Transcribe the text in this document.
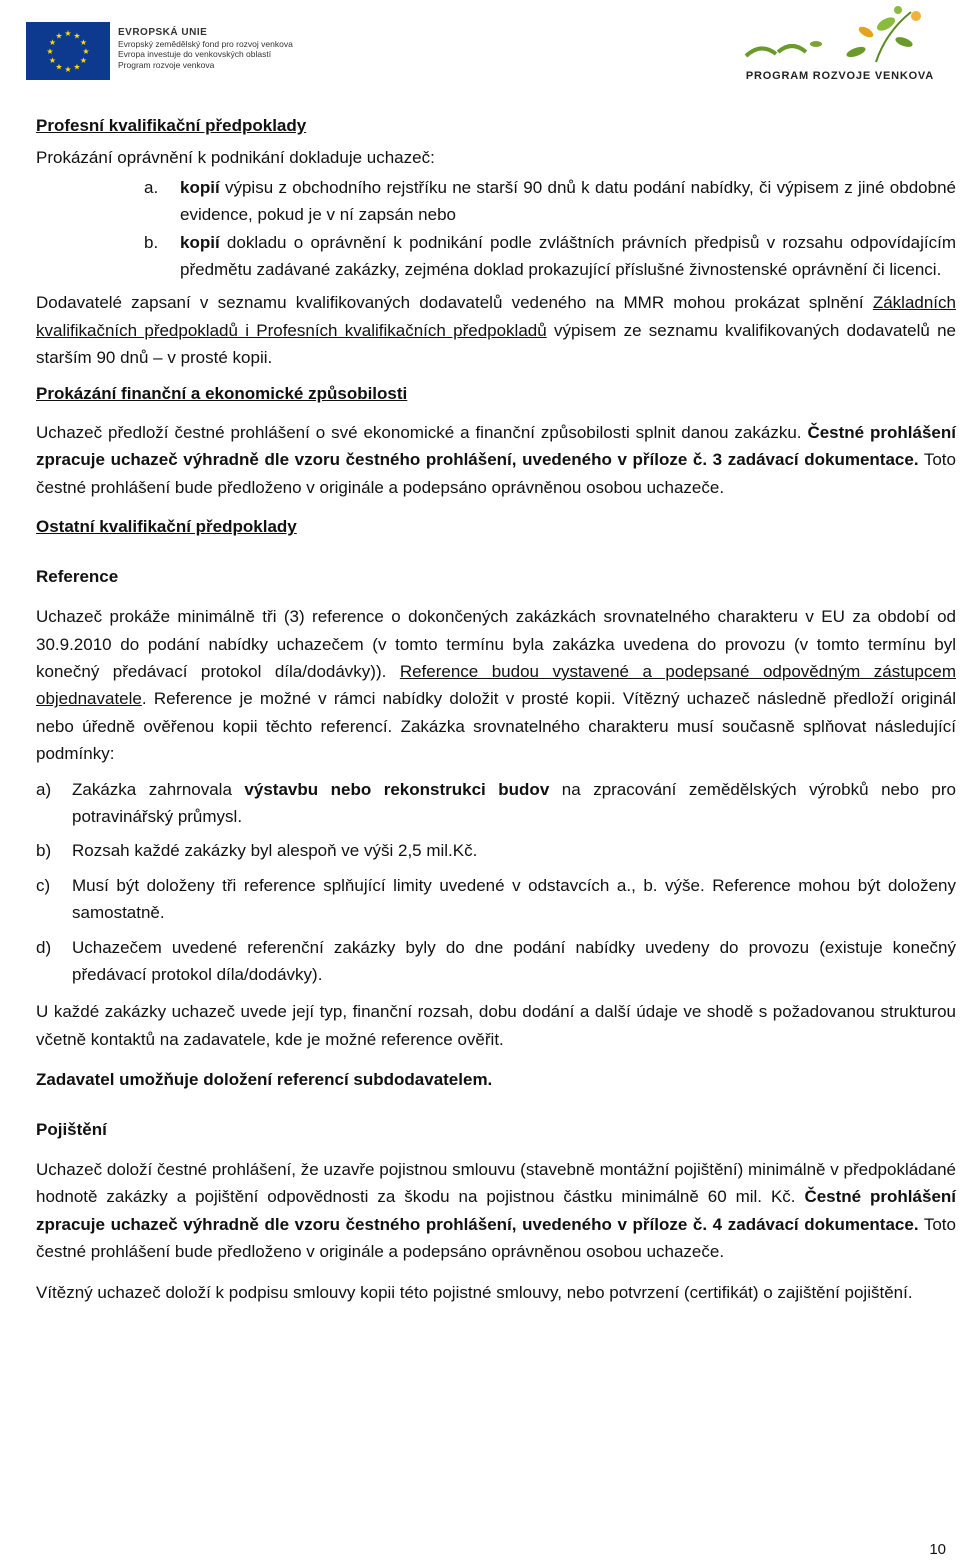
★ ★
★
★
★
★
★
★
★
★
★
★	EVROPSKÁ UNIE
Evropský zemědělský fond pro rozvoj venkova
Evropa investuje do venkovských oblastí
Program rozvoje venkova
PROGRAM ROZVOJE VENKOVA

Profesní kvalifikační předpoklady

Prokázání oprávnění k podnikání dokladuje uchazeč:

a. kopií výpisu z obchodního rejstříku ne starší 90 dnů k datu podání nabídky, či výpisem z jiné obdobné evidence, pokud je v ní zapsán nebo
b. kopií dokladu o oprávnění k podnikání podle zvláštních právních předpisů v rozsahu odpovídajícím předmětu zadávané zakázky, zejména doklad prokazující příslušné živnostenské oprávnění či licenci.

Dodavatelé zapsaní v seznamu kvalifikovaných dodavatelů vedeného na MMR mohou prokázat splnění Základních kvalifikačních předpokladů i Profesních kvalifikačních předpokladů výpisem ze seznamu kvalifikovaných dodavatelů ne starším 90 dnů – v prosté kopii.

Prokázání finanční a ekonomické způsobilosti

Uchazeč předloží čestné prohlášení o své ekonomické a finanční způsobilosti splnit danou zakázku. Čestné prohlášení zpracuje uchazeč výhradně dle vzoru čestného prohlášení, uvedeného v příloze č. 3 zadávací dokumentace. Toto čestné prohlášení bude předloženo v originále a podepsáno oprávněnou osobou uchazeče.

Ostatní kvalifikační předpoklady

Reference

Uchazeč prokáže minimálně tři (3) reference o dokončených zakázkách srovnatelného charakteru v EU za období od 30.9.2010 do podání nabídky uchazečem (v tomto termínu byla zakázka uvedena do provozu (v tomto termínu byl konečný předávací protokol díla/dodávky)). Reference budou vystavené a podepsané odpovědným zástupcem objednavatele. Reference je možné v rámci nabídky doložit v prosté kopii. Vítězný uchazeč následně předloží originál nebo úředně ověřenou kopii těchto referencí. Zakázka srovnatelného charakteru musí současně splňovat následující podmínky:

a) Zakázka zahrnovala výstavbu nebo rekonstrukci budov na zpracování zemědělských výrobků nebo pro potravinářský průmysl.
b) Rozsah každé zakázky byl alespoň ve výši 2,5 mil.Kč.
c) Musí být doloženy tři reference splňující limity uvedené v odstavcích a., b. výše. Reference mohou být doloženy samostatně.
d) Uchazečem uvedené referenční zakázky byly do dne podání nabídky uvedeny do provozu (existuje konečný předávací protokol díla/dodávky).

U každé zakázky uchazeč uvede její typ, finanční rozsah, dobu dodání a další údaje ve shodě s požadovanou strukturou včetně kontaktů na zadavatele, kde je možné reference ověřit.

Zadavatel umožňuje doložení referencí subdodavatelem.

Pojištění

Uchazeč doloží čestné prohlášení, že uzavře pojistnou smlouvu (stavebně montážní pojištění) minimálně v předpokládané hodnotě zakázky a pojištění odpovědnosti za škodu na pojistnou částku minimálně 60 mil. Kč. Čestné prohlášení zpracuje uchazeč výhradně dle vzoru čestného prohlášení, uvedeného v příloze č. 4 zadávací dokumentace. Toto čestné prohlášení bude předloženo v originále a podepsáno oprávněnou osobou uchazeče.

Vítězný uchazeč doloží k podpisu smlouvy kopii této pojistné smlouvy, nebo potvrzení (certifikát) o zajištění pojištění.

10
